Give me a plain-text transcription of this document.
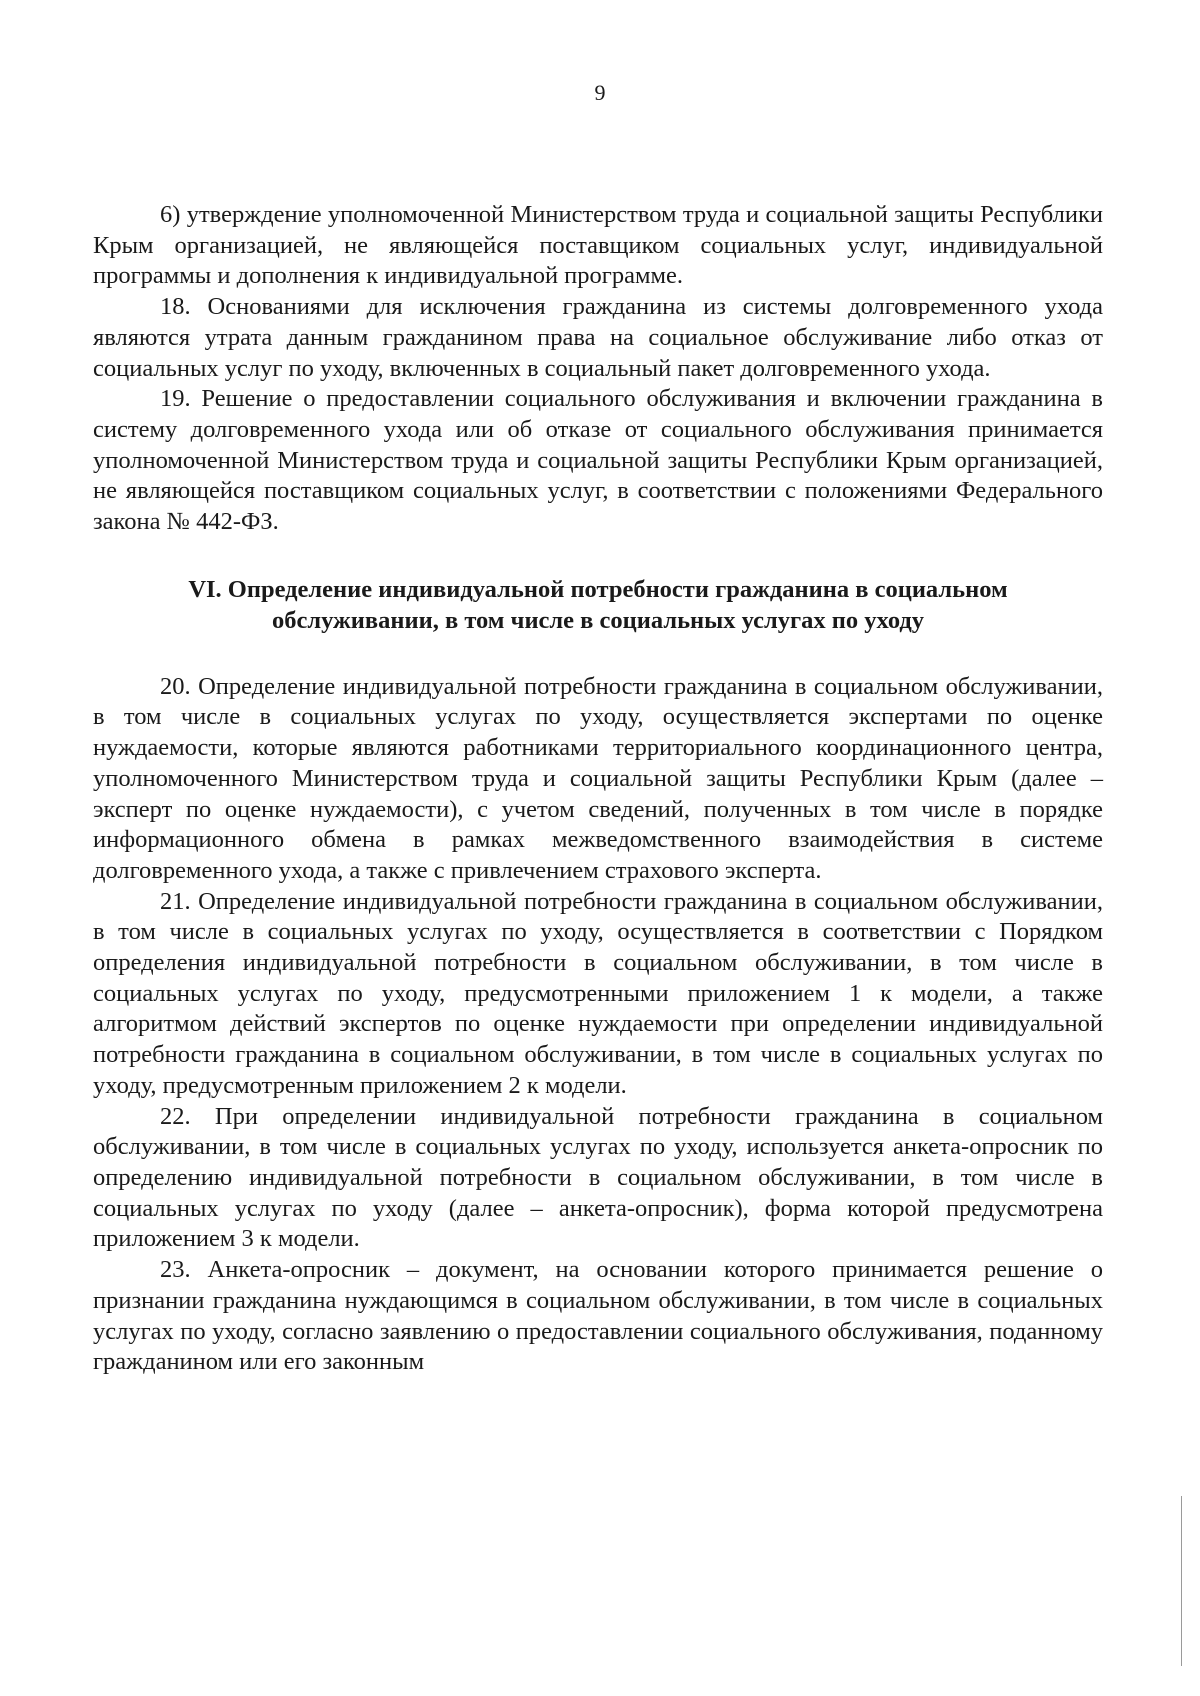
9

6) утверждение уполномоченной Министерством труда и социальной защиты Республики Крым организацией, не являющейся поставщиком социальных услуг, индивидуальной программы и дополнения к индивидуальной программе.

18. Основаниями для исключения гражданина из системы долговременного ухода являются утрата данным гражданином права на социальное обслуживание либо отказ от социальных услуг по уходу, включенных в социальный пакет долговременного ухода.

19. Решение о предоставлении социального обслуживания и включении гражданина в систему долговременного ухода или об отказе от социального обслуживания принимается уполномоченной Министерством труда и социальной защиты Республики Крым организацией, не являющейся поставщиком социальных услуг, в соответствии с положениями Федерального закона № 442-ФЗ.

VI. Определение индивидуальной потребности гражданина в социальном
обслуживании, в том числе в социальных услугах по уходу

20. Определение индивидуальной потребности гражданина в социальном обслуживании, в том числе в социальных услугах по уходу, осуществляется экспертами по оценке нуждаемости, которые являются работниками территориального координационного центра, уполномоченного Министерством труда и социальной защиты Республики Крым (далее – эксперт по оценке нуждаемости), с учетом сведений, полученных в том числе в порядке информационного обмена в рамках межведомственного взаимодействия в системе долговременного ухода, а также с привлечением страхового эксперта.

21. Определение индивидуальной потребности гражданина в социальном обслуживании, в том числе в социальных услугах по уходу, осуществляется в соответствии с Порядком определения индивидуальной потребности в социальном обслуживании, в том числе в социальных услугах по уходу, предусмотренными приложением 1 к модели, а также алгоритмом действий экспертов по оценке нуждаемости при определении индивидуальной потребности гражданина в социальном обслуживании, в том числе в социальных услугах по уходу, предусмотренным приложением 2 к модели.

22. При определении индивидуальной потребности гражданина в социальном обслуживании, в том числе в социальных услугах по уходу, используется анкета-опросник по определению индивидуальной потребности в социальном обслуживании, в том числе в социальных услугах по уходу (далее – анкета-опросник), форма которой предусмотрена приложением 3 к модели.

23. Анкета-опросник – документ, на основании которого принимается решение о признании гражданина нуждающимся в социальном обслуживании, в том числе в социальных услугах по уходу, согласно заявлению о предоставлении социального обслуживания, поданному гражданином или его законным
